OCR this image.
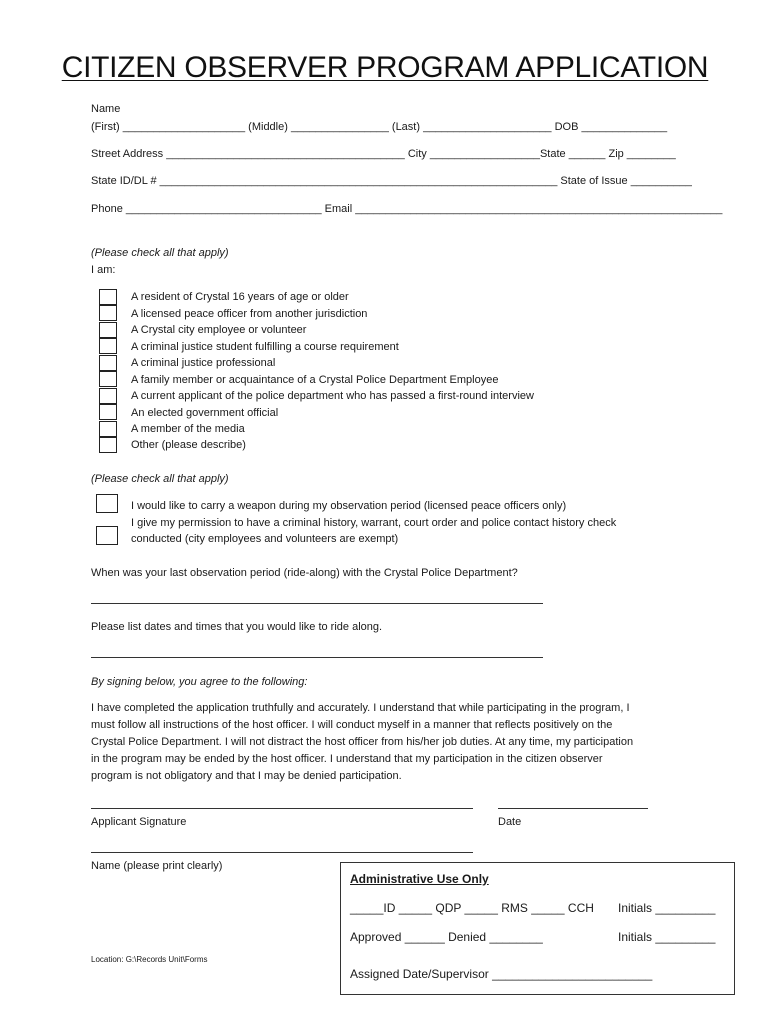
CITIZEN OBSERVER PROGRAM APPLICATION
Name
(First) ____________________ (Middle) ________________ (Last) _____________________ DOB ______________
Street Address _______________________________________ City __________________State ______ Zip ________
State ID/DL # _________________________________________________________________ State of Issue __________
Phone ________________________________ Email ____________________________________________________________
(Please check all that apply)
I am:
A resident of Crystal 16 years of age or older
A licensed peace officer from another jurisdiction
A Crystal city employee or volunteer
A criminal justice student fulfilling a course requirement
A criminal justice professional
A family member or acquaintance of a Crystal Police Department Employee
A current applicant of the police department who has passed a first-round interview
An elected government official
A member of the media
Other (please describe)
(Please check all that apply)
I would like to carry a weapon during my observation period (licensed peace officers only)
I give my permission to have a criminal history, warrant, court order and police contact history check
conducted (city employees and volunteers are exempt)
When was your last observation period (ride-along) with the Crystal Police Department?
Please list dates and times that you would like to ride along.
By signing below, you agree to the following:
I have completed the application truthfully and accurately. I understand that while participating in the program, I
must follow all instructions of the host officer. I will conduct myself in a manner that reflects positively on the
Crystal Police Department. I will not distract the host officer from his/her job duties. At any time, my participation
in the program may be ended by the host officer. I understand that my participation in the citizen observer
program is not obligatory and that I may be denied participation.
Applicant Signature	Date
Name (please print clearly)
Administrative Use Only
_____ID _____ QDP _____ RMS _____ CCH Initials _________
Approved ______ Denied ________	Initials _________
Assigned Date/Supervisor ________________________
Location: G:\Records Unit\Forms
